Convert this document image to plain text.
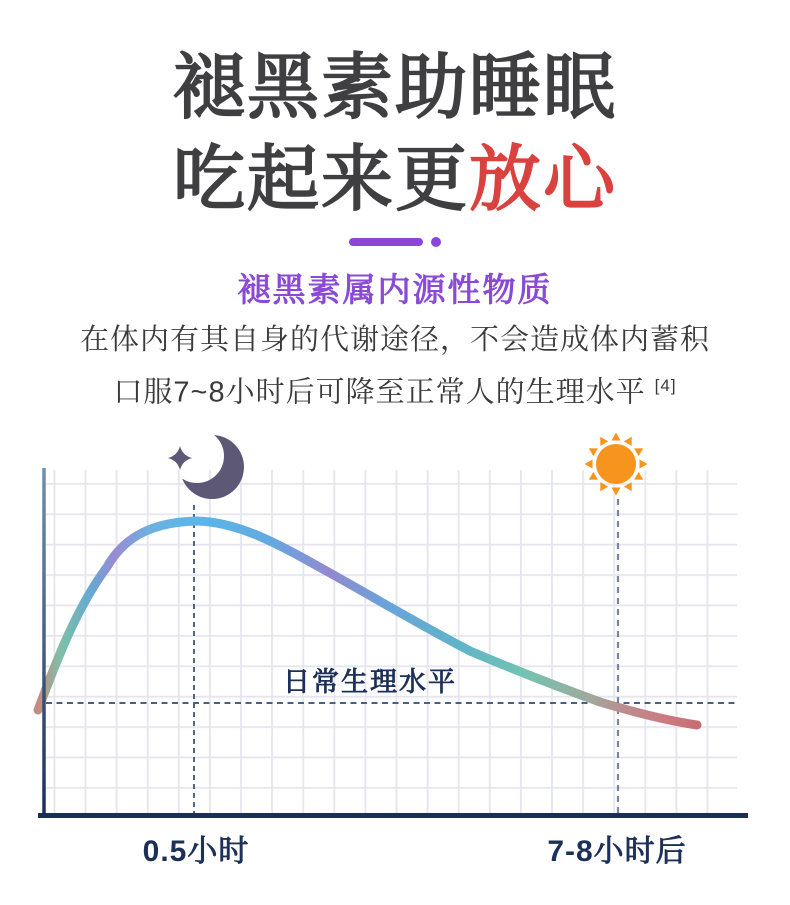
褪黑素助睡眠
吃起来更放心
褪黑素属内源性物质
在体内有其自身的代谢途径，不会造成体内蓄积
口服7~8小时后可降至正常人的生理水平 [4]
日常生理水平
0.5小时	7-8小时后
